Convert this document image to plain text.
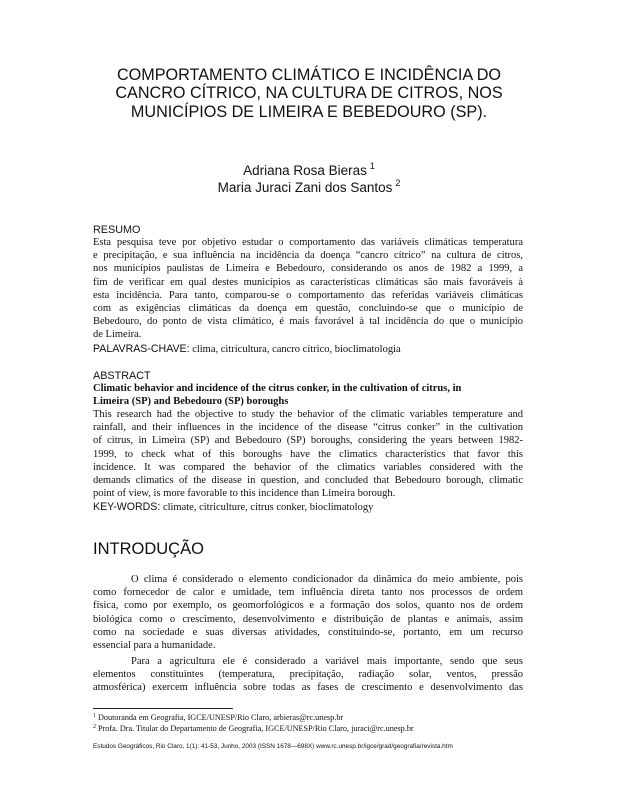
COMPORTAMENTO CLIMÁTICO E INCIDÊNCIA DO
CANCRO CÍTRICO, NA CULTURA DE CITROS, NOS
MUNICÍPIOS DE LIMEIRA E BEBEDOURO (SP).
Adriana Rosa Bieras $^1$
Maria Juraci Zani dos Santos $^2$
RESUMO
Esta pesquisa teve por objetivo estudar o comportamento das variáveis climáticas temperatura
e precipitação, e sua influência na incidência da doença “cancro cítrico” na cultura de citros,
nos municípios paulistas de Limeira e Bebedouro, considerando os anos de 1982 a 1999, a
fim de verificar em qual destes municípios as características climáticas são mais favoráveis à
esta incidência. Para tanto, comparou-se o comportamento das referidas variáveis climáticas
com as exigências climáticas da doença em questão, concluindo-se que o município de
Bebedouro, do ponto de vista climático, é mais favorável à tal incidência do que o município
de Limeira.
PALAVRAS-CHAVE: clima, citricultura, cancro cítrico, bioclimatologia
ABSTRACT
Climatic behavior and incidence of the citrus conker, in the cultivation of citrus, in
Limeira (SP) and Bebedouro (SP) boroughs
This research had the objective to study the behavior of the climatic variables temperature and
rainfall, and their influences in the incidence of the disease “citrus conker” in the cultivation
of citrus, in Limeira (SP) and Bebedouro (SP) boroughs, considering the years between 1982-
1999, to check what of this boroughs have the climatics characteristics that favor this
incidence. It was compared the behavior of the climatics variables considered with the
demands climatics of the disease in question, and concluded that Bebedouro borough, climatic
point of view, is more favorable to this incidence than Limeira borough.
KEY-WORDS: climate, citriculture, citrus conker, bioclimatology
INTRODUÇÃO
O clima é considerado o elemento condicionador da dinâmica do meio ambiente, pois
como fornecedor de calor e umidade, tem influência direta tanto nos processos de ordem
física, como por exemplo, os geomorfológicos e a formação dos solos, quanto nos de ordem
biológica como o crescimento, desenvolvimento e distribuição de plantas e animais, assim
como na sociedade e suas diversas atividades, constituindo-se, portanto, em um recurso
essencial para a humanidade.
Para a agricultura ele é considerado a variável mais importante, sendo que seus
elementos constituintes (temperatura, precipitação, radiação solar, ventos, pressão
atmosférica) exercem influência sobre todas as fases de crescimento e desenvolvimento das
$^1$ Doutoranda em Geografia, IGCE/UNESP/Rio Claro, arbieras@rc.unesp.br
$^2$ Profa. Dra. Titular do Departamento de Geografia, IGCE/UNESP/Rio Claro, juraci@rc.unesp.br
Estudos Geográficos, Rio Claro, 1(1): 41-53, Junho, 2003 (ISSN 1678—698X) www.rc.unesp.br/igce/grad/geografia/revista.htm
